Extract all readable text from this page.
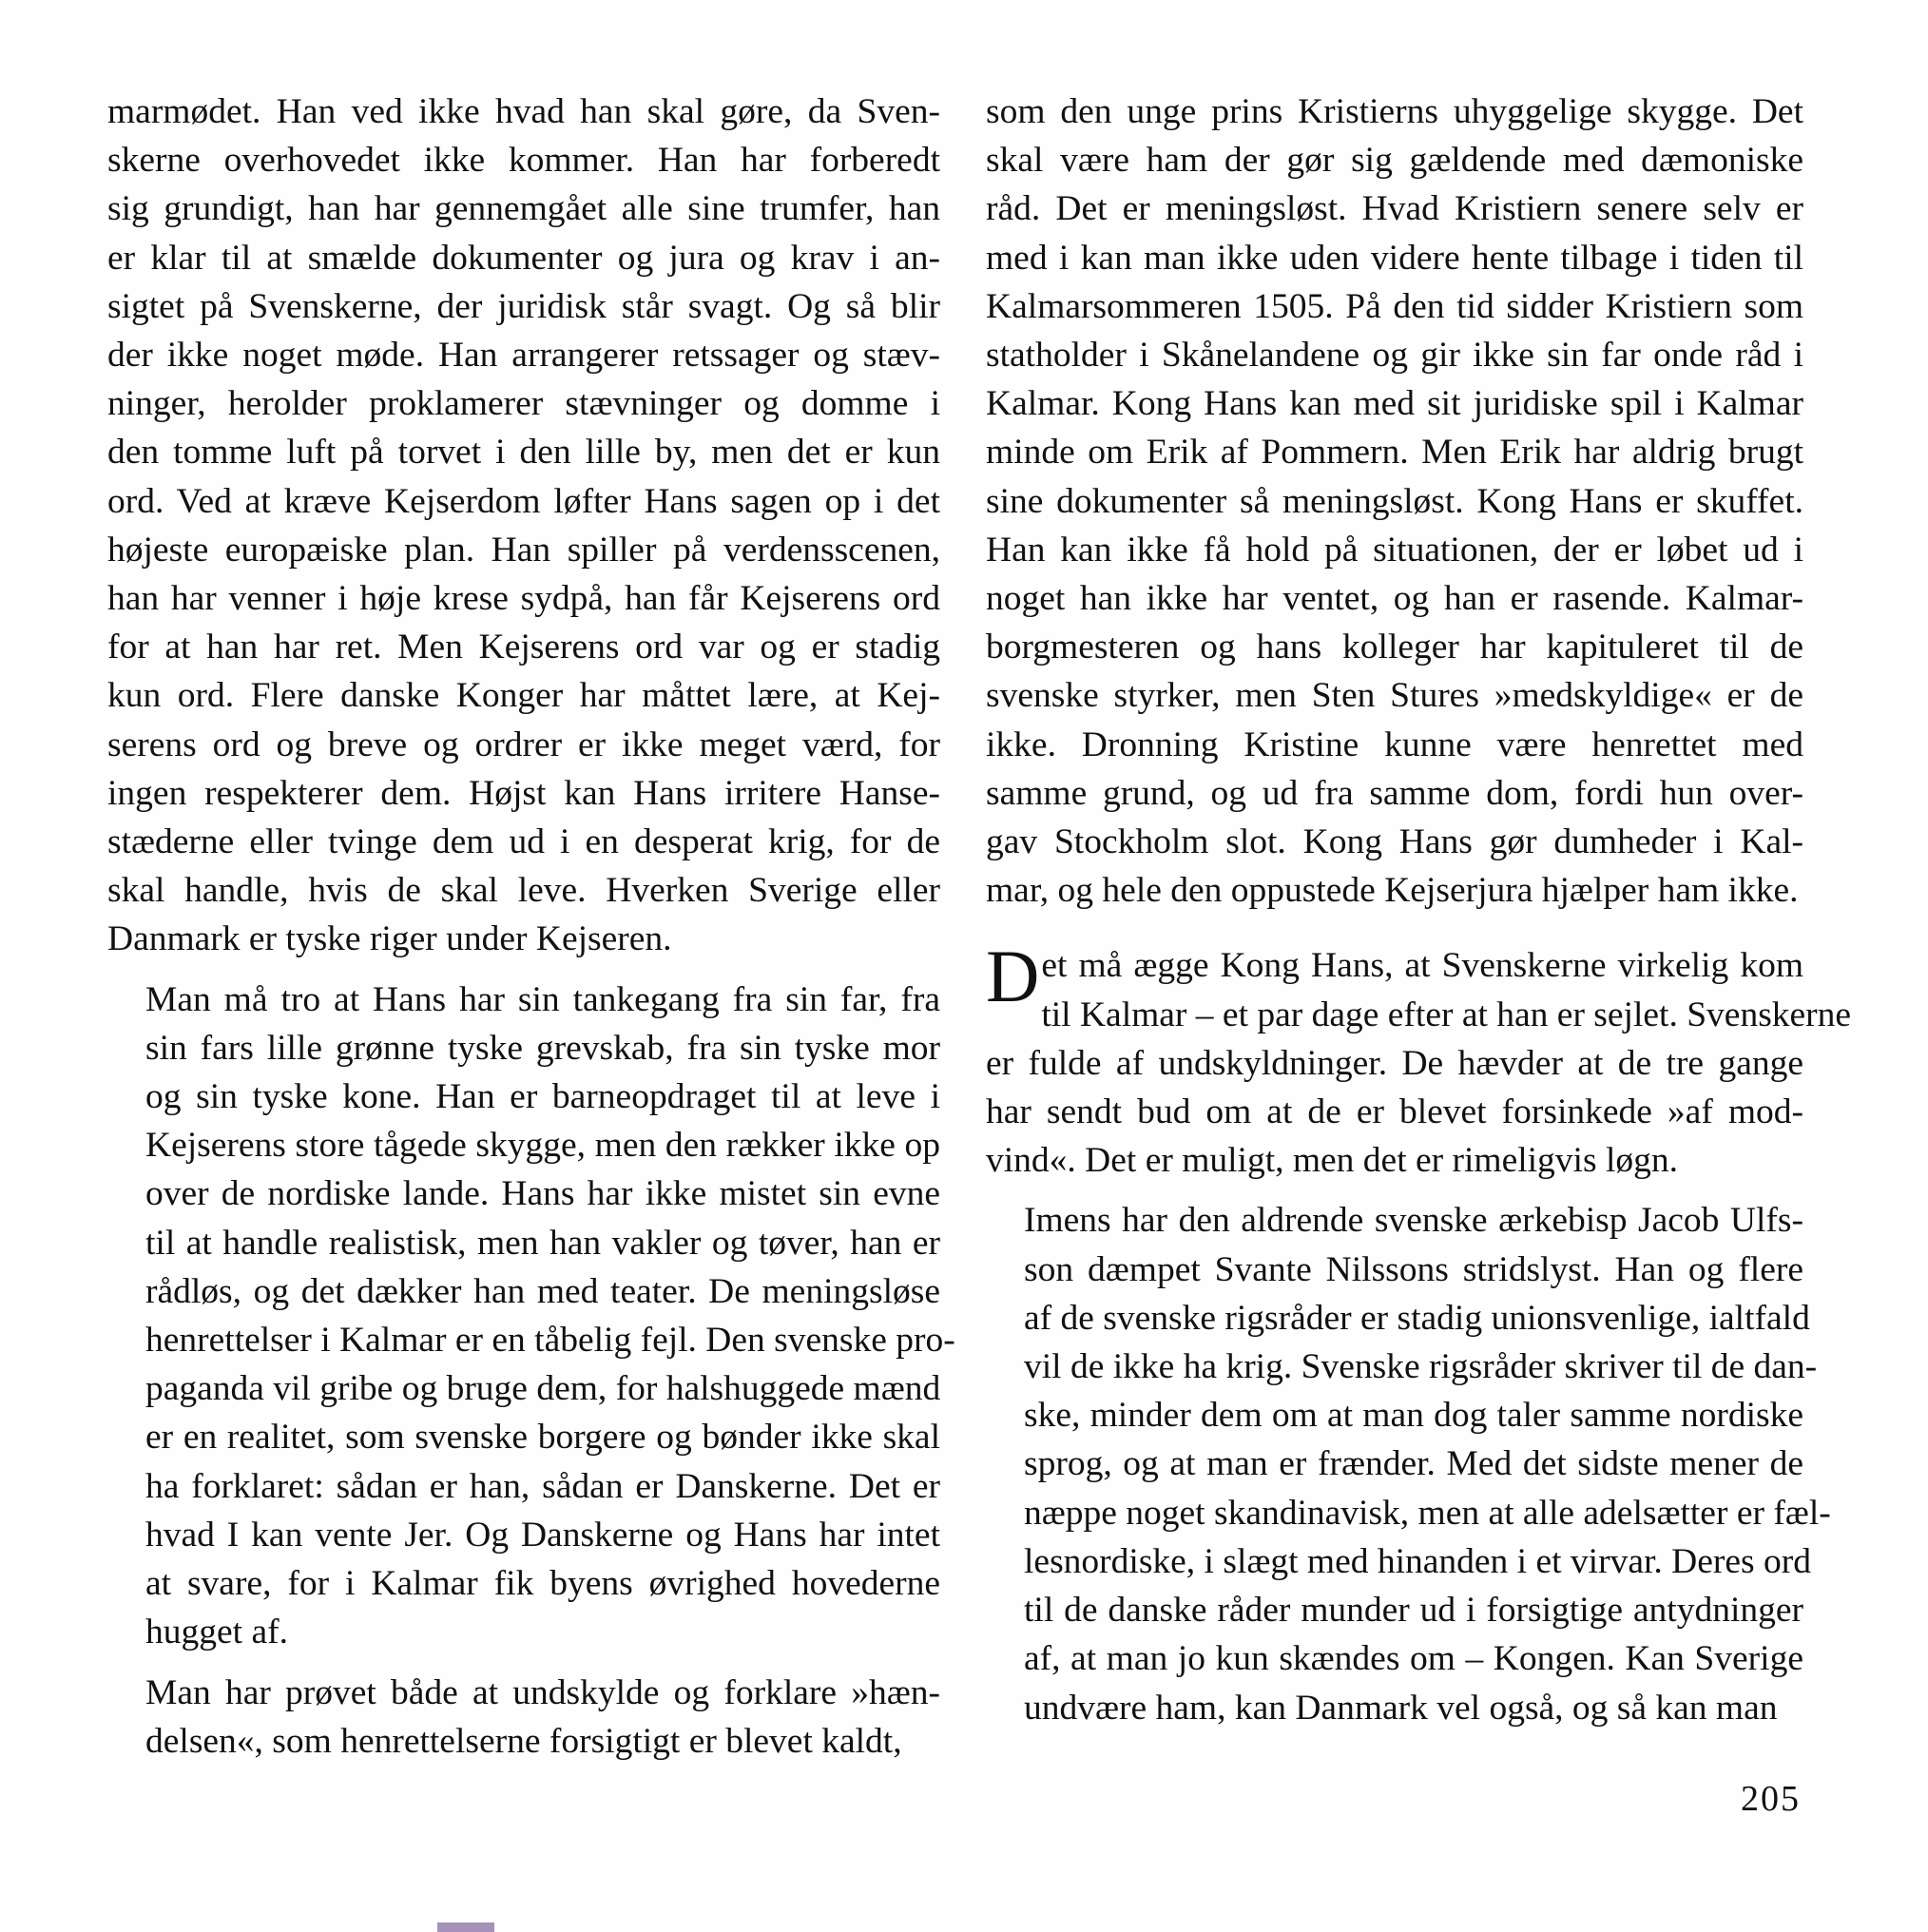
marmødet. Han ved ikke hvad han skal gøre, da Sven-
skerne overhovedet ikke kommer. Han har forberedt
sig grundigt, han har gennemgået alle sine trumfer, han
er klar til at smælde dokumenter og jura og krav i an-
sigtet på Svenskerne, der juridisk står svagt. Og så blir
der ikke noget møde. Han arrangerer retssager og stæv-
ninger, herolder proklamerer stævninger og domme i
den tomme luft på torvet i den lille by, men det er kun
ord. Ved at kræve Kejserdom løfter Hans sagen op i det
højeste europæiske plan. Han spiller på verdensscenen,
han har venner i høje krese sydpå, han får Kejserens ord
for at han har ret. Men Kejserens ord var og er stadig
kun ord. Flere danske Konger har måttet lære, at Kej-
serens ord og breve og ordrer er ikke meget værd, for
ingen respekterer dem. Højst kan Hans irritere Hanse-
stæderne eller tvinge dem ud i en desperat krig, for de
skal handle, hvis de skal leve. Hverken Sverige eller
Danmark er tyske riger under Kejseren.
Man må tro at Hans har sin tankegang fra sin far, fra
sin fars lille grønne tyske grevskab, fra sin tyske mor
og sin tyske kone. Han er barneopdraget til at leve i
Kejserens store tågede skygge, men den rækker ikke op
over de nordiske lande. Hans har ikke mistet sin evne
til at handle realistisk, men han vakler og tøver, han er
rådløs, og det dækker han med teater. De meningsløse
henrettelser i Kalmar er en tåbelig fejl. Den svenske pro-
paganda vil gribe og bruge dem, for halshuggede mænd
er en realitet, som svenske borgere og bønder ikke skal
ha forklaret: sådan er han, sådan er Danskerne. Det er
hvad I kan vente Jer. Og Danskerne og Hans har intet
at svare, for i Kalmar fik byens øvrighed hovederne
hugget af.
Man har prøvet både at undskylde og forklare »hæn-
delsen«, som henrettelserne forsigtigt er blevet kaldt,
som den unge prins Kristierns uhyggelige skygge. Det
skal være ham der gør sig gældende med dæmoniske
råd. Det er meningsløst. Hvad Kristiern senere selv er
med i kan man ikke uden videre hente tilbage i tiden til
Kalmarsommeren 1505. På den tid sidder Kristiern som
statholder i Skånelandene og gir ikke sin far onde råd i
Kalmar. Kong Hans kan med sit juridiske spil i Kalmar
minde om Erik af Pommern. Men Erik har aldrig brugt
sine dokumenter så meningsløst. Kong Hans er skuffet.
Han kan ikke få hold på situationen, der er løbet ud i
noget han ikke har ventet, og han er rasende. Kalmar-
borgmesteren og hans kolleger har kapituleret til de
svenske styrker, men Sten Stures »medskyldige« er de
ikke. Dronning Kristine kunne være henrettet med
samme grund, og ud fra samme dom, fordi hun over-
gav Stockholm slot. Kong Hans gør dumheder i Kal-
mar, og hele den oppustede Kejserjura hjælper ham ikke.
D et må ægge Kong Hans, at Svenskerne virkelig kom
til Kalmar – et par dage efter at han er sejlet. Svenskerne
er fulde af undskyldninger. De hævder at de tre gange
har sendt bud om at de er blevet forsinkede »af mod-
vind«. Det er muligt, men det er rimeligvis løgn.
Imens har den aldrende svenske ærkebisp Jacob Ulfs-
son dæmpet Svante Nilssons stridslyst. Han og flere
af de svenske rigsråder er stadig unionsvenlige, ialtfald
vil de ikke ha krig. Svenske rigsråder skriver til de dan-
ske, minder dem om at man dog taler samme nordiske
sprog, og at man er frænder. Med det sidste mener de
næppe noget skandinavisk, men at alle adelsætter er fæl-
lesnordiske, i slægt med hinanden i et virvar. Deres ord
til de danske råder munder ud i forsigtige antydninger
af, at man jo kun skændes om – Kongen. Kan Sverige
undvære ham, kan Danmark vel også, og så kan man
205
